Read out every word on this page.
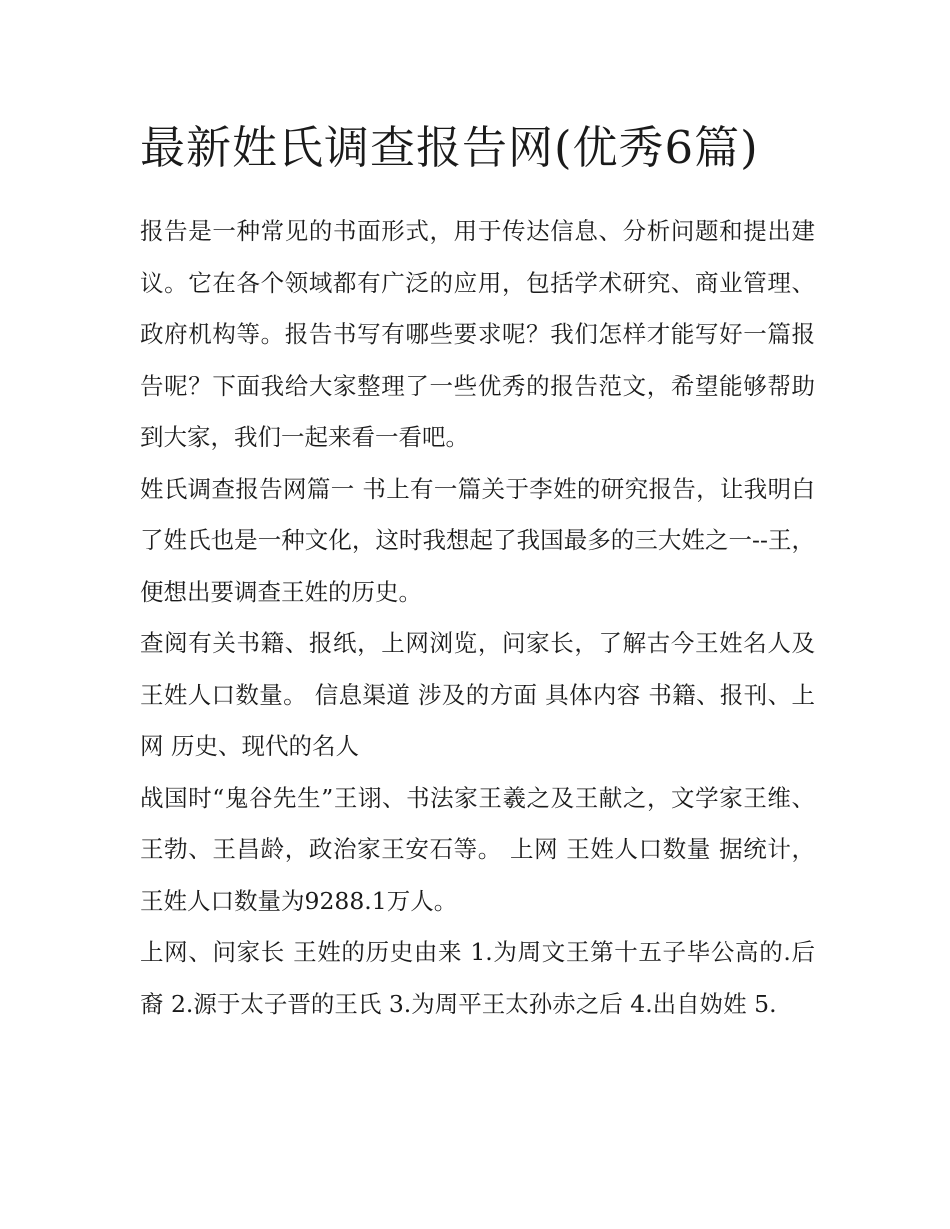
最新姓氏调查报告网(优秀6篇)

报告是一种常见的书面形式，用于传达信息、分析问题和提出建议。它在各个领域都有广泛的应用，包括学术研究、商业管理、政府机构等。报告书写有哪些要求呢？我们怎样才能写好一篇报告呢？下面我给大家整理了一些优秀的报告范文，希望能够帮助到大家，我们一起来看一看吧。

姓氏调查报告网篇一 书上有一篇关于李姓的研究报告，让我明白了姓氏也是一种文化，这时我想起了我国最多的三大姓之一--王，便想出要调查王姓的历史。

查阅有关书籍、报纸，上网浏览，问家长，了解古今王姓名人及王姓人口数量。 信息渠道 涉及的方面 具体内容 书籍、报刊、上网 历史、现代的名人

战国时“鬼谷先生”王诩、书法家王羲之及王献之，文学家王维、王勃、王昌龄，政治家王安石等。 上网 王姓人口数量 据统计，王姓人口数量为9288.1万人。

上网、问家长 王姓的历史由来 1.为周文王第十五子毕公高的.后裔 2.源于太子晋的王氏 3.为周平王太孙赤之后 4.出自妫姓 5.
